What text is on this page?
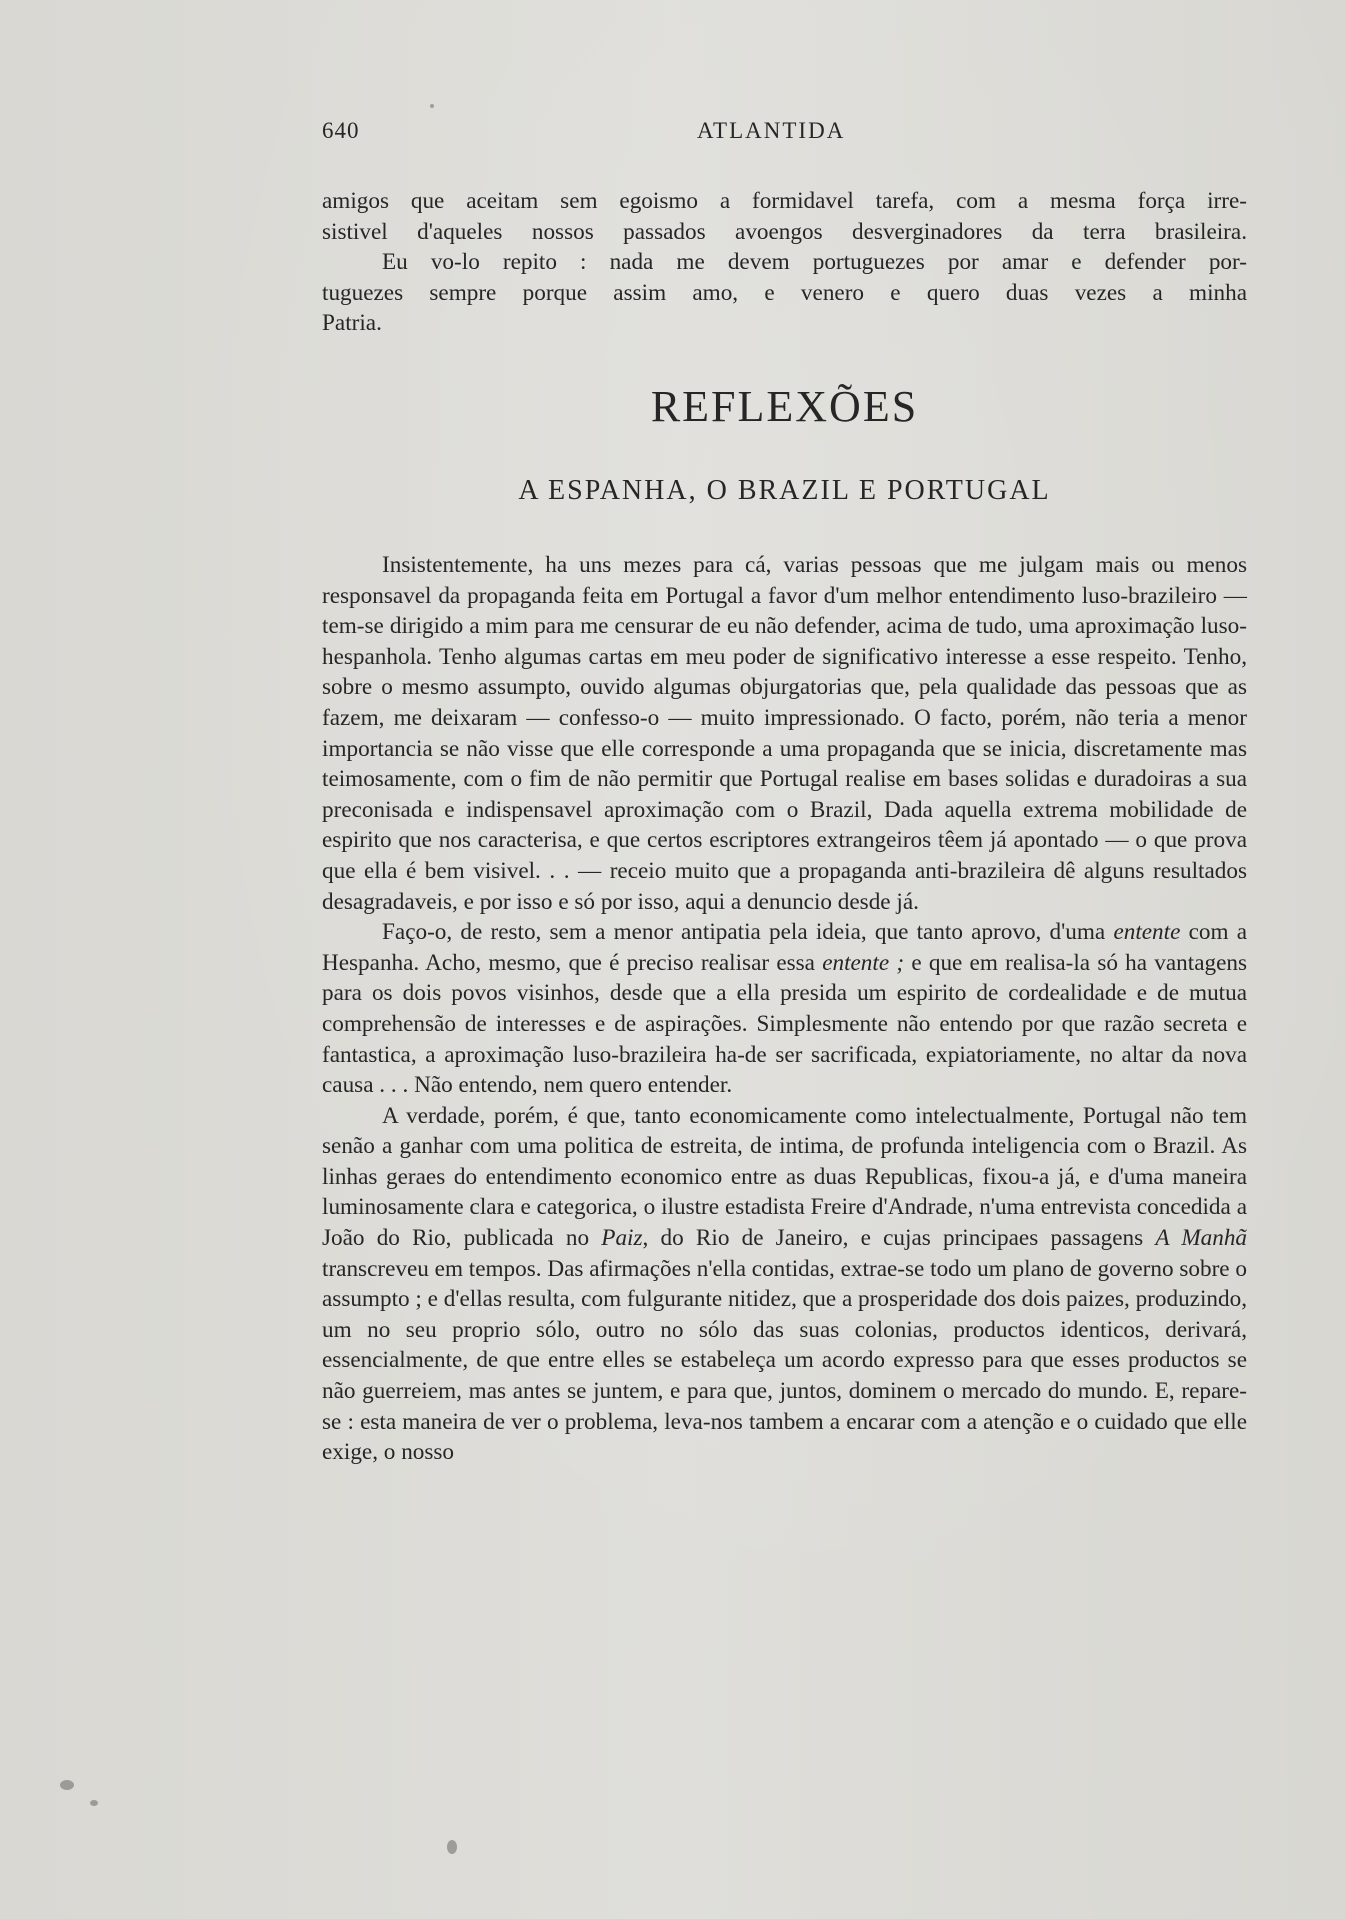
640	ATLANTIDA

amigos que aceitam sem egoismo a formidavel tarefa, com a mesma força irre-

sistivel d'aqueles nossos passados avoengos desverginadores da terra brasileira.

Eu vo-lo repito : nada me devem portuguezes por amar e defender por-

tuguezes sempre porque assim amo, e venero e quero duas vezes a minha

Patria.

REFLEXÕES
A ESPANHA, O BRAZIL E PORTUGAL

Insistentemente, ha uns mezes para cá, varias pessoas que me julgam mais ou menos responsavel da propaganda feita em Portugal a favor d'um melhor entendimento luso-brazileiro — tem-se dirigido a mim para me censurar de eu não defender, acima de tudo, uma aproximação luso-hespanhola. Tenho algumas cartas em meu poder de significativo interesse a esse respeito. Tenho, sobre o mesmo assumpto, ouvido algumas objurgatorias que, pela qualidade das pessoas que as fazem, me deixaram — confesso-o — muito impressionado. O facto, porém, não teria a menor importancia se não visse que elle corresponde a uma propaganda que se inicia, discretamente mas teimosamente, com o fim de não permitir que Portugal realise em bases solidas e duradoiras a sua preconisada e indispensavel aproximação com o Brazil, Dada aquella extrema mobilidade de espirito que nos caracterisa, e que certos escriptores extrangeiros têem já apontado — o que prova que ella é bem visivel. . . — receio muito que a propaganda anti-brazileira dê alguns resultados desagradaveis, e por isso e só por isso, aqui a denuncio desde já.

Faço-o, de resto, sem a menor antipatia pela ideia, que tanto aprovo, d'uma entente com a Hespanha. Acho, mesmo, que é preciso realisar essa entente ; e que em realisa-la só ha vantagens para os dois povos visinhos, desde que a ella presida um espirito de cordealidade e de mutua comprehensão de interesses e de aspirações. Simplesmente não entendo por que razão secreta e fantastica, a aproximação luso-brazileira ha-de ser sacrificada, expiatoriamente, no altar da nova causa . . . Não entendo, nem quero entender.

A verdade, porém, é que, tanto economicamente como intelectualmente, Portugal não tem senão a ganhar com uma politica de estreita, de intima, de profunda inteligencia com o Brazil. As linhas geraes do entendimento economico entre as duas Republicas, fixou-a já, e d'uma maneira luminosamente clara e categorica, o ilustre estadista Freire d'Andrade, n'uma entrevista concedida a João do Rio, publicada no Paiz, do Rio de Janeiro, e cujas principaes passagens A Manhã transcreveu em tempos. Das afirmações n'ella contidas, extrae-se todo um plano de governo sobre o assumpto ; e d'ellas resulta, com fulgurante nitidez, que a prosperidade dos dois paizes, produzindo, um no seu proprio sólo, outro no sólo das suas colonias, productos identicos, derivará, essencialmente, de que entre elles se estabeleça um acordo expresso para que esses productos se não guerreiem, mas antes se juntem, e para que, juntos, dominem o mercado do mundo. E, repare-se : esta maneira de ver o problema, leva-nos tambem a encarar com a atenção e o cuidado que elle exige, o nosso
